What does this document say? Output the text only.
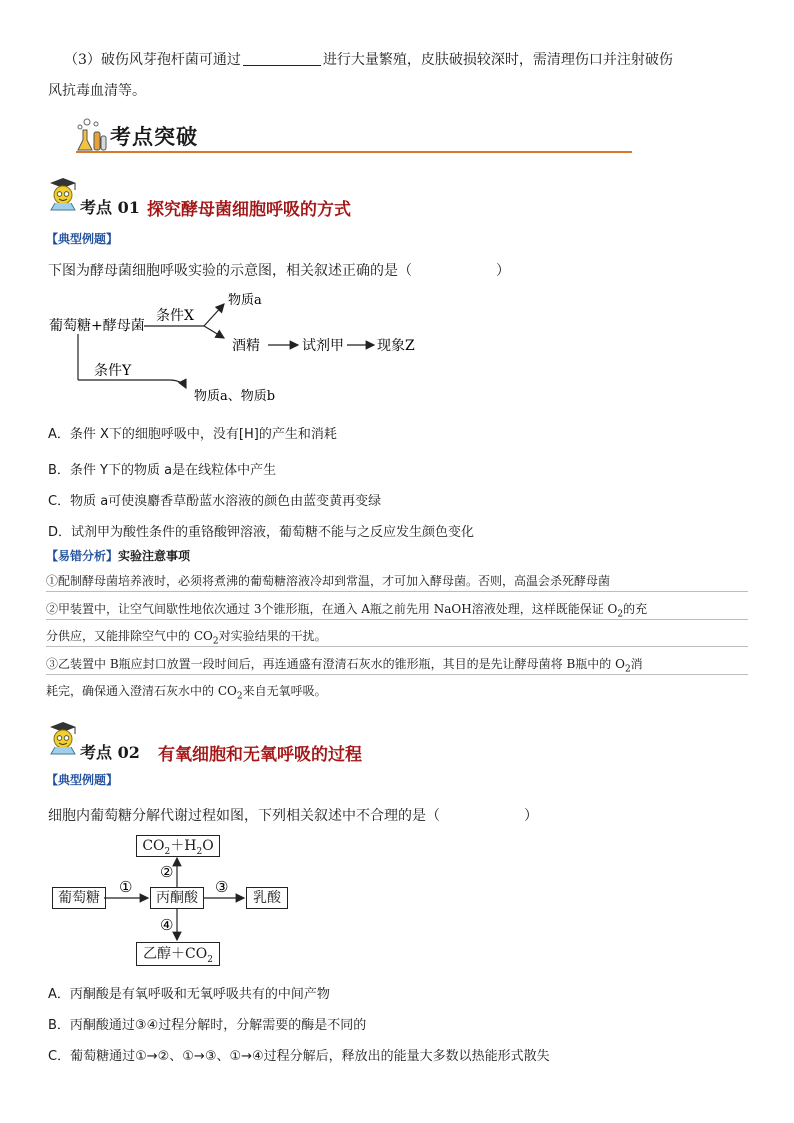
（3）破伤风芽孢杆菌可通过	进行大量繁殖，皮肤破损较深时，需清理伤口并注射破伤
风抗毒血清等。
考点突破
考点 01 探究酵母菌细胞呼吸的方式
【典型例题】
下图为酵母菌细胞呼吸实验的示意图，相关叙述正确的是（　　　　　　）
葡萄糖+酵母菌
条件X
物质a
酒精	试剂甲 现象Z
条件Y
物质a、物质b
A．条件 X下的细胞呼吸中，没有[H]的产生和消耗
B．条件 Y下的物质 a是在线粒体中产生
C．物质 a可使溴麝香草酚蓝水溶液的颜色由蓝变黄再变绿
D．试剂甲为酸性条件的重铬酸钾溶液，葡萄糖不能与之反应发生颜色变化
【易错分析】实验注意事项
①配制酵母菌培养液时，必须将煮沸的葡萄糖溶液冷却到常温，才可加入酵母菌。否则，高温会杀死酵母菌
②甲装置中，让空气间歇性地依次通过 3个锥形瓶，在通入 A瓶之前先用 NaOH溶液处理，这样既能保证 $O_2$的充
分供应，又能排除空气中的 $CO_2$对实验结果的干扰。
③乙装置中 B瓶应封口放置一段时间后，再连通盛有澄清石灰水的锥形瓶，其目的是先让酵母菌将 B瓶中的 $O_2$消
耗完，确保通入澄清石灰水中的 $CO_2$来自无氧呼吸。
考点 02 有氧细胞和无氧呼吸的过程
【典型例题】
细胞内葡萄糖分解代谢过程如图，下列相关叙述中不合理的是（　　　　　　）
①
②
③
④
$CO_2+H_2O$
葡萄糖	丙酮酸	乳酸
乙醇$+CO_2$
A．丙酮酸是有氧呼吸和无氧呼吸共有的中间产物
B．丙酮酸通过③④过程分解时，分解需要的酶是不同的
C．葡萄糖通过①→②、①→③、①→④过程分解后，释放出的能量大多数以热能形式散失
